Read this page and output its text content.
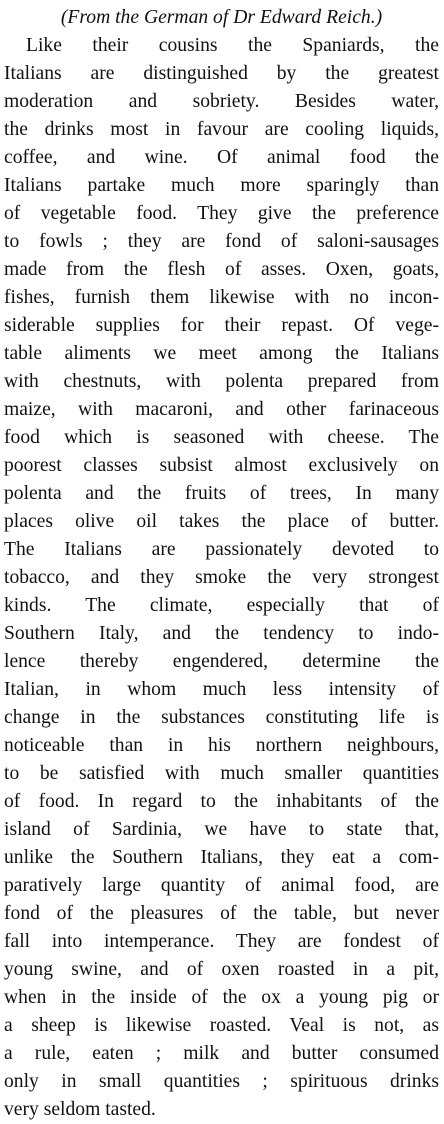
(From the German of Dr Edward Reich.)

Like their cousins the Spaniards, the
Italians are distinguished by the greatest
moderation and sobriety. Besides water,
the drinks most in favour are cooling liquids,
coffee, and wine. Of animal food the
Italians partake much more sparingly than
of vegetable food. They give the preference
to fowls ; they are fond of saloni-sausages
made from the flesh of asses. Oxen, goats,
fishes, furnish them likewise with no incon-
siderable supplies for their repast. Of vege-
table aliments we meet among the Italians
with chestnuts, with polenta prepared from
maize, with macaroni, and other farinaceous
food which is seasoned with cheese. The
poorest classes subsist almost exclusively on
polenta and the fruits of trees, In many
places olive oil takes the place of butter.
The Italians are passionately devoted to
tobacco, and they smoke the very strongest
kinds. The climate, especially that of
Southern Italy, and the tendency to indo-
lence thereby engendered, determine the
Italian, in whom much less intensity of
change in the substances constituting life is
noticeable than in his northern neighbours,
to be satisfied with much smaller quantities
of food. In regard to the inhabitants of the
island of Sardinia, we have to state that,
unlike the Southern Italians, they eat a com-
paratively large quantity of animal food, are
fond of the pleasures of the table, but never
fall into intemperance. They are fondest of
young swine, and of oxen roasted in a pit,
when in the inside of the ox a young pig or
a sheep is likewise roasted. Veal is not, as
a rule, eaten ; milk and butter consumed
only in small quantities ; spirituous drinks
very seldom tasted.
